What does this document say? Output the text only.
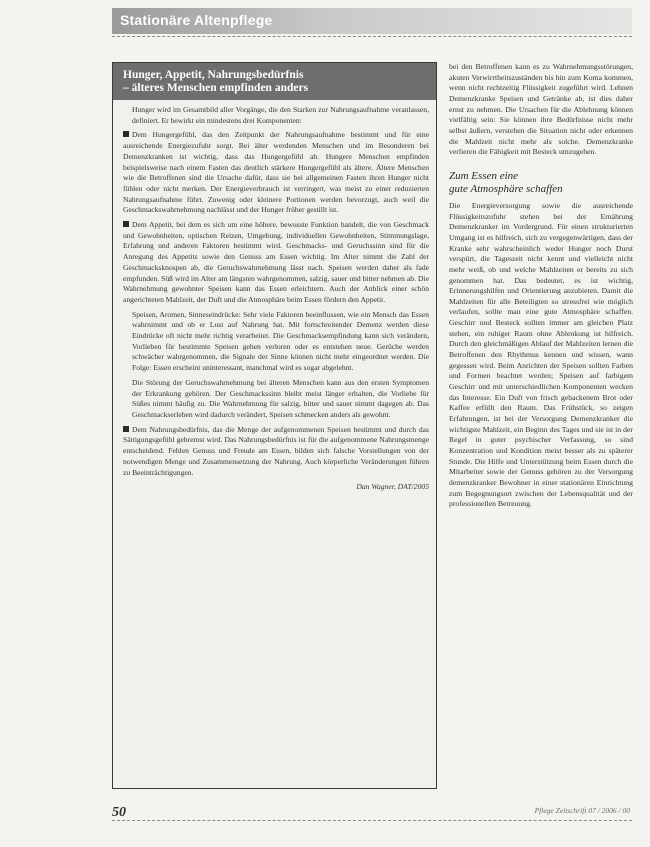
Stationäre Altenpflege
Hunger, Appetit, Nahrungsbedürfnis
– älteres Menschen empfinden anders

Hunger wird im Gesamtbild aller Vorgänge, die den Starken zur Nahrungsaufnahme veranlassen, definiert. Er bewirkt ein mindestens drei Komponenten:

Dem Hungergefühl, das den Zeitpunkt der Nahrungsaufnahme bestimmt und für eine ausreichende Energiezufuhr sorgt. Bei älter werdenden Menschen und im Besonderen bei Demenzkranken ist wichtig, dass das Hungergefühl ab. Hungere Menschen empfinden beispielsweise nach einem Fasten das deutlich stärkere Hungergefühl als ältere. Ältere Menschen wie die Betroffenen sind die Ursache dafür, dass sie bei allgemeinen Fasten ihren Hunger nicht fühlen oder nicht merken. Der Energieverbrauch ist verringert, was meist zu einer reduzierten Nahrungsaufnahme führt. Zuwenig oder kleinere Portionen werden bevorzugt, auch weil die Geschmackswahrnehmung nachlässt und der Hunger früher gestillt ist.

Dem Appetit, bei dem es sich um eine höhere, bewusste Funktion handelt, die von Geschmack und Gewohnheiten, optischen Reizen, Umgebung, individuellen Gewohnheiten, Stimmungslage, Erfahrung und anderen Faktoren bestimmt wird. Geschmacks- und Geruchssinn sind für die Anregung des Appetits sowie den Genuss am Essen wichtig. Im Alter nimmt die Zahl der Geschmacksknospen ab, die Geruchswahrnehmung lässt nach. Speisen werden daher als fade empfunden. Süß wird im Alter am längsten wahrgenommen, salzig, sauer und bitter nehmen ab. Die Wahrnehmung gewohnter Speisen kann das Essen erleichtern. Auch der Anblick einer schön angerichteten Mahlzeit, der Duft und die Atmosphäre beim Essen fördern den Appetit.

Speisen, Aromen, Sinneseindrücke: Sehr viele Faktoren beeinflussen, wie ein Mensch das Essen wahrnimmt und ob er Lust auf Nahrung hat. Mit fortschreitender Demenz werden diese Eindrücke oft nicht mehr richtig verarbeitet. Die Geschmacksempfindung kann sich verändern, Vorlieben für bestimmte Speisen gehen verloren oder es entstehen neue. Gerüche werden schwächer wahrgenommen, die Signale der Sinne können nicht mehr eingeordnet werden. Die Folge: Essen erscheint uninteressant, manchmal wird es sogar abgelehnt.

Die Störung der Geruchswahrnehmung bei älteren Menschen kann aus den ersten Symptomen der Erkrankung gehören. Der Geschmackssinn bleibt meist länger erhalten, die Vorliebe für Süßes nimmt häufig zu. Die Wahrnehmung für salzig, bitter und sauer nimmt dagegen ab. Das Geschmackserleben wird dadurch verändert, Speisen schmecken anders als gewohnt.

Dem Nahrungsbedürfnis, das die Menge der aufgenommenen Speisen bestimmt und durch das Sättigungsgefühl gebremst wird. Das Nahrungsbedürfnis ist für die aufgenommene Nahrungsmenge entscheidend. Fehlen Genuss und Freude am Essen, bilden sich falsche Vorstellungen von der notwendigen Menge und Zusammensetzung der Nahrung. Auch körperliche Veränderungen führen zu Beeinträchtigungen.

Dan Wagner, DAT/2005

bei den Betroffenen kann es zu Wahrnehmungsstörungen, akuten Verwirrtheitszuständen bis hin zum Koma kommen, wenn nicht rechtzeitig Flüssigkeit zugeführt wird. Lehnen Demenzkranke Speisen und Getränke ab, ist dies daher ernst zu nehmen. Die Ursachen für die Ablehnung können vielfältig sein: Sie können ihre Bedürfnisse nicht mehr selbst äußern, verstehen die Situation nicht oder erkennen die Mahlzeit nicht mehr als solche. Demenzkranke verlieren die Fähigkeit mit Besteck umzugehen.

Zum Essen eine
gute Atmosphäre schaffen

Die Energieversorgung sowie die ausreichende Flüssigkeitszufuhr stehen bei der Ernährung Demenzkranker im Vordergrund. Für einen strukturierten Umgang ist es hilfreich, sich zu vergegenwärtigen, dass der Kranke sehr wahrscheinlich weder Hunger noch Durst verspürt, die Tageszeit nicht kennt und vielleicht nicht mehr weiß, ob und welche Mahlzeiten er bereits zu sich genommen hat. Das bedeutet, es ist wichtig, Erinnerungshilfen und Orientierung anzubieten. Damit die Mahlzeiten für alle Beteiligten so stressfrei wie möglich verlaufen, sollte man eine gute Atmosphäre schaffen. Geschirr und Besteck sollten immer am gleichen Platz stehen, ein ruhiger Raum ohne Ablenkung ist hilfreich. Durch den gleichmäßigen Ablauf der Mahlzeiten lernen die Betroffenen den Rhythmus kennen und wissen, wann gegessen wird. Beim Anrichten der Speisen sollten Farben und Formen beachtet werden; Speisen auf farbigem Geschirr und mit unterschiedlichen Komponenten wecken das Interesse. Ein Duft von frisch gebackenem Brot oder Kaffee erfüllt den Raum. Das Frühstück, so zeigen Erfahrungen, ist bei der Versorgung Demenzkranker die wichtigste Mahlzeit, ein Beginn des Tages und sie ist in der Regel in guter psychischer Verfassung, so sind Konzentration und Kondition meist besser als zu späterer Stunde. Die Hilfe und Unterstützung beim Essen durch die Mitarbeiter sowie der Genuss gehören zu der Versorgung demenzkranker Bewohner in einer stationären Einrichtung zum Begegnungsort zwischen der Lebensqualität und der professionellen Betreuung.

50	Pflege Zeitschrift 07 / 2006 / 00
